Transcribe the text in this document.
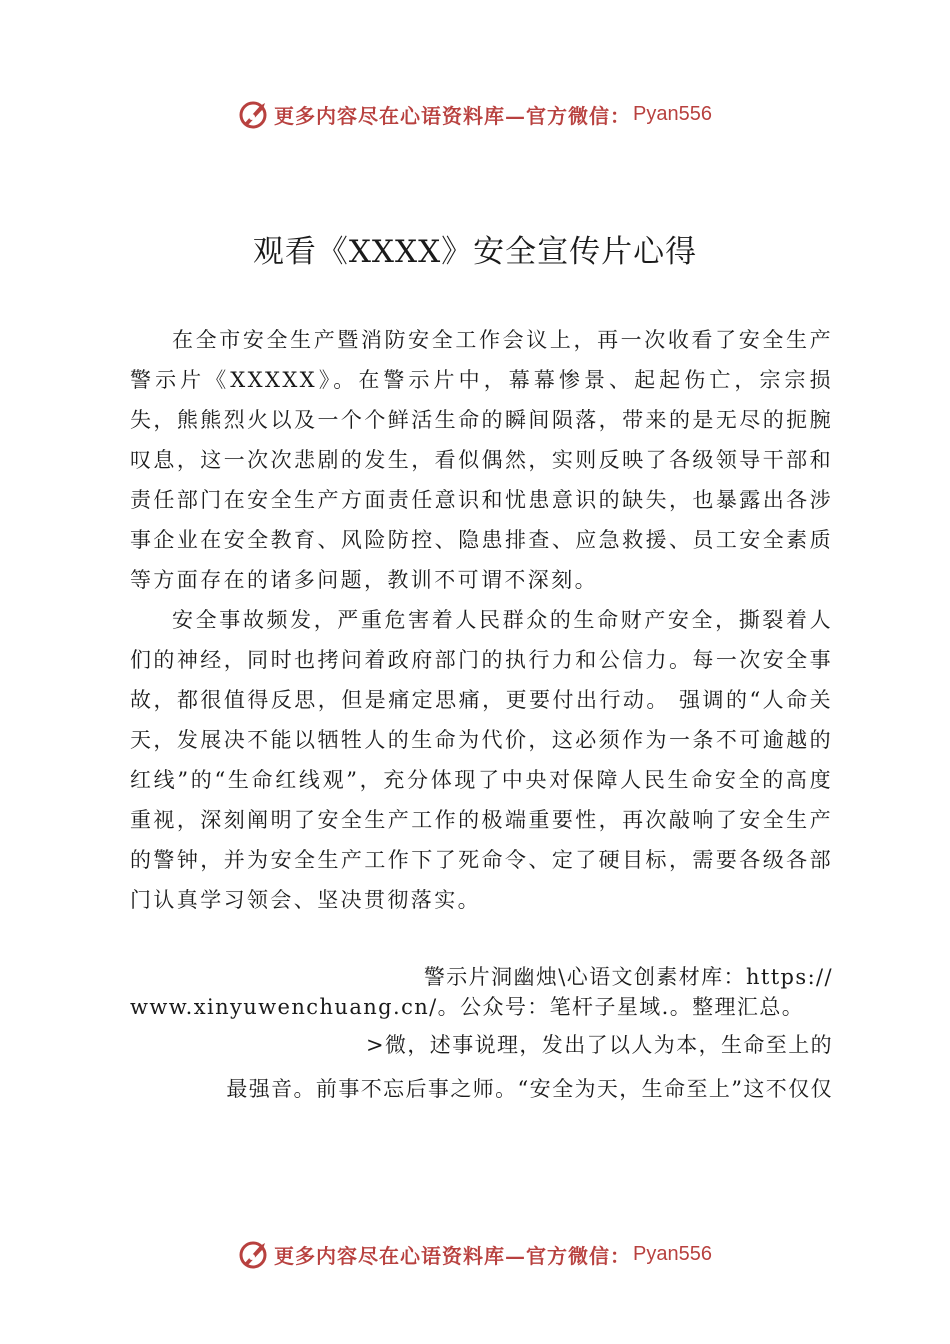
更多内容尽在心语资料库—官方微信： Pyan556
观看《XXXX》安全宣传片心得

在全市安全生产暨消防安全工作会议上，再一次收看了安全生产警示片《XXXXX》。在警示片中，幕幕惨景、起起伤亡，宗宗损失，熊熊烈火以及一个个鲜活生命的瞬间陨落，带来的是无尽的扼腕叹息，这一次次悲剧的发生，看似偶然，实则反映了各级领导干部和责任部门在安全生产方面责任意识和忧患意识的缺失，也暴露出各涉事企业在安全教育、风险防控、隐患排查、应急救援、员工安全素质等方面存在的诸多问题，教训不可谓不深刻。

安全事故频发，严重危害着人民群众的生命财产安全，撕裂着人们的神经，同时也拷问着政府部门的执行力和公信力。每一次安全事故，都很值得反思，但是痛定思痛，更要付出行动。 强调的“人命关天，发展决不能以牺牲人的生命为代价，这必须作为一条不可逾越的红线”的“生命红线观”，充分体现了中央对保障人民生命安全的高度重视，深刻阐明了安全生产工作的极端重要性，再次敲响了安全生产的警钟，并为安全生产工作下了死命令、定了硬目标，需要各级各部门认真学习领会、坚决贯彻落实。

警示片洞幽烛\心语文创素材库：https://
www.xinyuwenchuang.cn/。公众号：笔杆子星域.。整理汇总。
>微，述事说理，发出了以人为本，生命至上的
最强音。前事不忘后事之师。“安全为天，生命至上”这不仅仅
更多内容尽在心语资料库—官方微信： Pyan556
